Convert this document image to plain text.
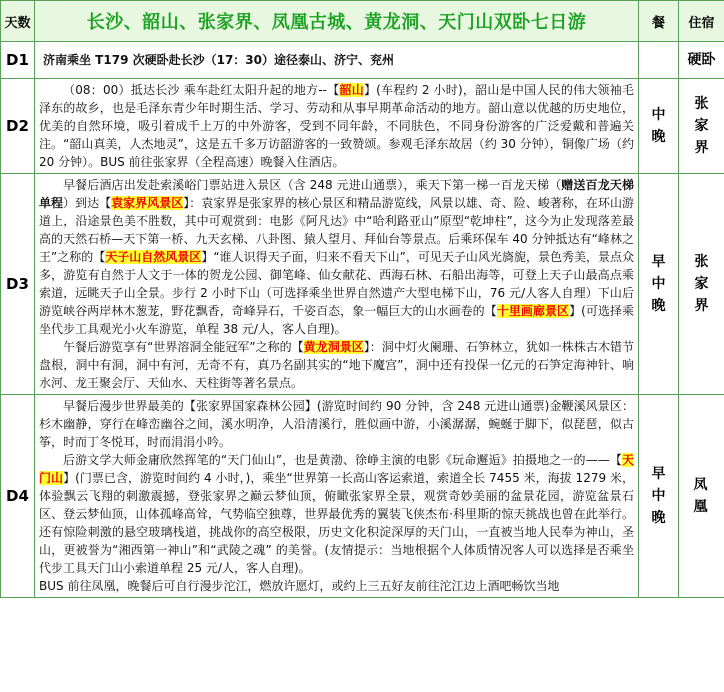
天数	长沙、韶山、张家界、凤凰古城、黄龙洞、天门山双卧七日游	餐	住宿
D1	济南乘坐 T179 次硬卧赴长沙（17：30）途径泰山、济宁、兖州		硬卧
D2	（08：00）抵达长沙 乘车赴红太阳升起的地方--【韶山】(车程约 2 小时)，韶山是中国人民的伟大领袖毛泽东的故乡，也是毛泽东青少年时期生活、学习、劳动和从事早期革命活动的地方。韶山意以优越的历史地位，优美的自然环境，吸引着成千上万的中外游客，受到不同年龄，不同肤色，不同身份游客的广泛爱戴和普遍关注。“韶山真美，人杰地灵”，这是五千多万访韶游客的一致赞颂。参观毛泽东故居（约 30 分钟），铜像广场（约 20 分钟）。BUS 前往张家界（全程高速）晚餐入住酒店。	中晚	张家界
D3	早餐后酒店出发赴索溪峪门票站进入景区（含 248 元进山通票），乘天下第一梯一百龙天梯（赠送百龙天梯单程）到达【袁家界风景区】：袁家界是张家界的核心景区和精品游览线，风景以雄、奇、险、峻著称，在环山游道上，沿途景色美不胜数，其中可观赏到：电影《阿凡达》中“哈利路亚山”原型“乾坤柱”，这今为止发现落差最高的天然石桥—天下第一桥、九天玄梯、八卦图、猿人望月、拜仙台等景点。后乘环保车 40 分钟抵达有“峰林之王”之称的【天子山自然风景区】“谁人识得天子面，归来不看天下山”，可见天子山风光旖旎，景色秀美，景点众多，游览有自然于人文于一体的贺龙公园、御笔峰、仙女献花、西海石林、石船出海等，可登上天子山最高点乘索道，远眺天子山全景。步行 2 小时下山（可选择乘坐世界自然遗产大型电梯下山，76 元/人客人自理）下山后游览峡谷两岸林木葱茏，野花飘香，奇峰异石，千姿百态，象一幅巨大的山水画卷的【十里画廊景区】(可选择乘坐代步工具观光小火车游览，单程 38 元/人，客人自理)。

午餐后游览享有“世界溶洞全能冠军”之称的【黄龙洞景区】：洞中灯火阑珊、石笋林立，犹如一株株古木错节盘根，洞中有洞，洞中有河，无奇不有，真乃名副其实的“地下魔宫”，洞中还有投保一亿元的石笋定海神针、响水河、龙王聚会厅、天仙水、天柱街等著名景点。	早中晚	张家界
D4	早餐后漫步世界最美的【张家界国家森林公园】(游览时间约 90 分钟，含 248 元进山通票)金鞭溪风景区：杉木幽静，穿行在峰峦幽谷之间，溪水明净，人沿清溪行，胜似画中游，小溪潺潺，蜿蜒于脚下，似琵琶，似古筝，时而丁冬悦耳，时而涓涓小吟。

后游文学大师金庸欣然挥笔的“天门仙山”，也是黄渤、徐峥主演的电影《玩命邂逅》拍摄地之一的——【天门山】(门票已含，游览时间约 4 小时，)，乘坐“世界第一长高山客运索道，索道全长 7455 米，海拔 1279 米，体验飘云飞翔的刺激震撼，登张家界之巅云梦仙顶，俯瞰张家界全景，观赏奇妙美丽的盆景花园，游览盆景石区、登云梦仙顶，山体孤峰高耸，气势临空独尊，世界最优秀的翼装飞侠杰布·科里斯的惊天挑战也曾在此举行。还有惊险刺激的悬空玻璃栈道，挑战你的高空极限，历史文化积淀深厚的天门山，一直被当地人民奉为神山，圣山，更被誉为“湘西第一神山”和“武陵之魂” 的美誉。(友情提示：当地根据个人体质情况客人可以选择是否乘坐代步工具天门山小索道单程 25 元/人，客人自理)。

BUS 前往凤凰，晚餐后可自行漫步沱江，燃放许愿灯，或约上三五好友前往沱江边上酒吧畅饮当地	早中晚	凤凰
